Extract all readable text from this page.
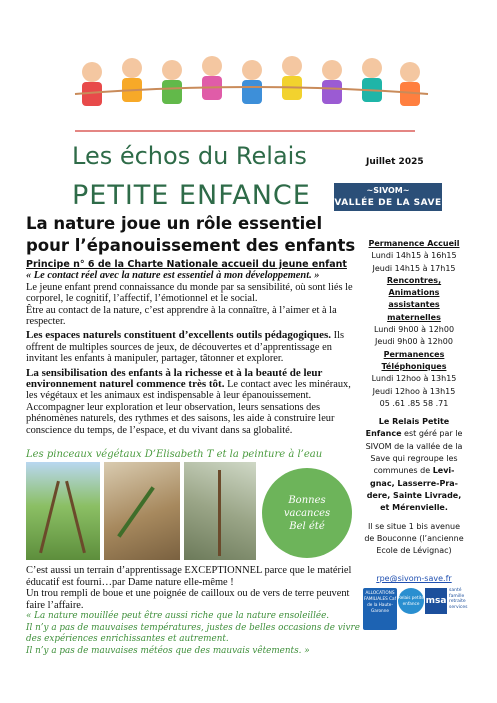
Les échos du Relais	Juillet 2025
PETITE ENFANCE	~SIVOM~
VALLÉE DE LA SAVE
La nature joue un rôle essentiel pour l’épanouissement des enfants

Principe n° 6 de la Charte Nationale accueil du jeune enfant

« Le contact réel avec la nature est essentiel à mon développement. »

Le jeune enfant prend connaissance du monde par sa sensibilité, où sont liés le corporel, le cognitif, l’affectif, l’émotionnel et le social.

Être au contact de la nature, c’est apprendre à la connaître, à l’aimer et à la respecter.

Les espaces naturels constituent d’excellents outils pédagogiques. Ils offrent de multiples sources de jeux, de découvertes et d’apprentissage en invitant les enfants à manipuler, partager, tâtonner et explorer.

La sensibilisation des enfants à la richesse et à la beauté de leur environnement naturel commence très tôt. Le contact avec les minéraux, les végétaux et les animaux est indispensable à leur épanouissement. Accompagner leur exploration et leur observation, leurs sensations des phénomènes naturels, des rythmes et des saisons, les aide à construire leur conscience du temps, de l’espace, et du vivant dans sa globalité.

Les pinceaux végétaux D’Elisabeth T et la peinture à l’eau
Bonnes
vacances
Bel été

C’est aussi un terrain d’apprentissage EXCEPTIONNEL parce que le matériel éducatif est fourni…par Dame nature elle-même !

Un trou rempli de boue et une poignée de cailloux ou de vers de terre peuvent faire l’affaire.

« La nature mouillée peut être aussi riche que la nature ensoleillée.

Il n’y a pas de mauvaises températures, justes de belles occasions de vivre des expériences enrichissantes et autrement.

Il n’y a pas de mauvaises météos que des mauvais vêtements. »

Permanence Accueil

Lundi 14h15 à 16h15

Jeudi 14h15 à 17h15

Rencontres, Animations assistantes maternelles

Lundi 9h00 à 12h00

Jeudi 9h00 à 12h00

Permanences

Téléphoniques

Lundi 12hoo à 13h15

Jeudi 12hoo à 13h15

05 .61 .85 58 .71

Le Relais Petite Enfance est géré par le SIVOM de la vallée de la Save qui regroupe les communes de Levi-gnac, Lasserre-Pra-dere, Sainte Livrade, et Mérenvielle.

Il se situe 1 bis avenue de Bouconne (l’ancienne Ecole de Lévignac)

rpe@sivom-save.fr
ALLOCATIONS FAMILIALES Caf de la Haute-Garonne
Relais petite enfance msa
santé famille retraite services
